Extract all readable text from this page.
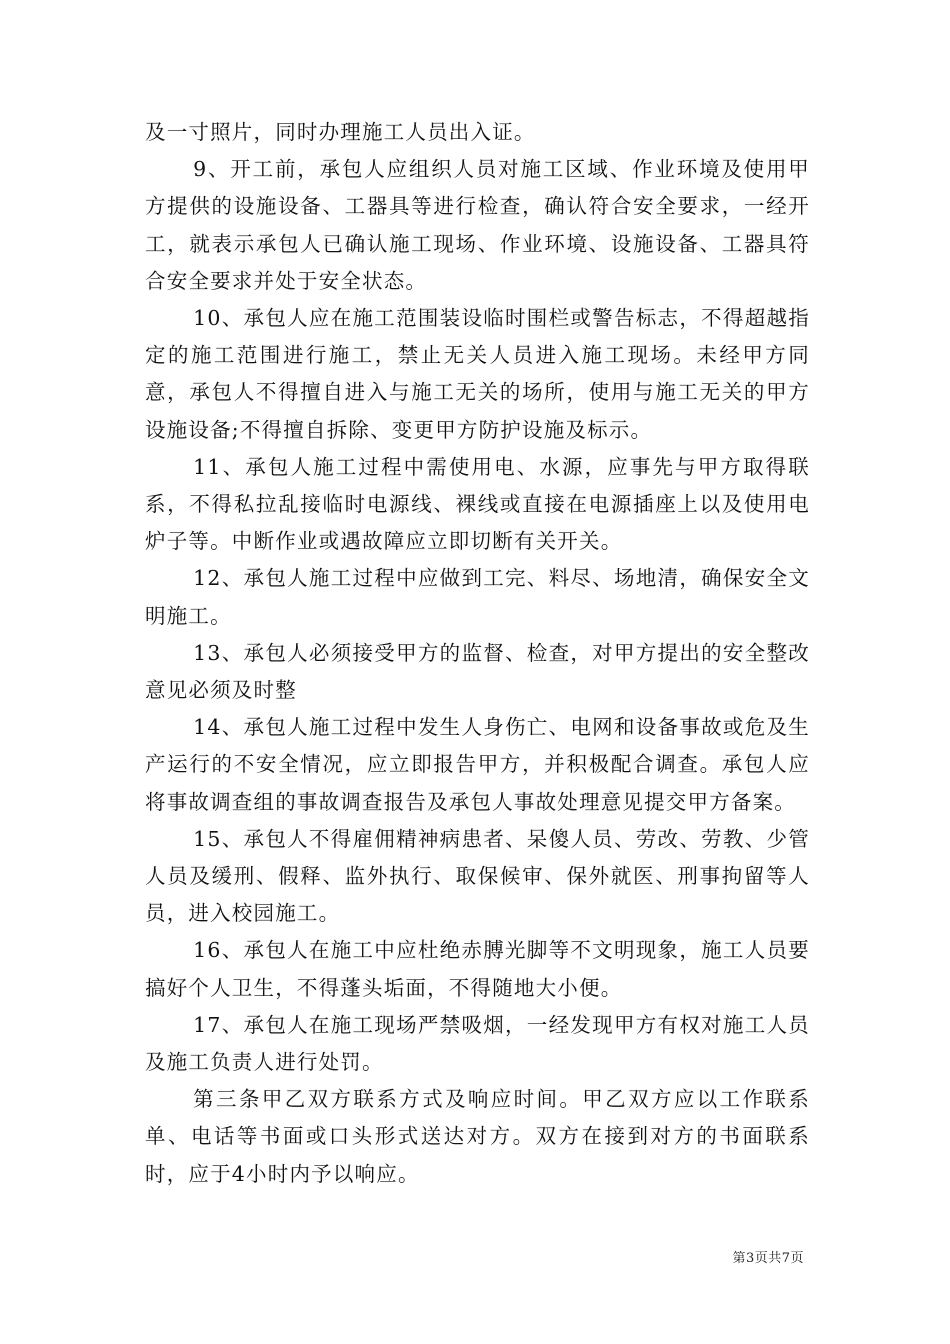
及一寸照片，同时办理施工人员出入证。

9、开工前，承包人应组织人员对施工区域、作业环境及使用甲方提供的设施设备、工器具等进行检查，确认符合安全要求，一经开工，就表示承包人已确认施工现场、作业环境、设施设备、工器具符合安全要求并处于安全状态。

10、承包人应在施工范围装设临时围栏或警告标志，不得超越指定的施工范围进行施工，禁止无关人员进入施工现场。未经甲方同意，承包人不得擅自进入与施工无关的场所，使用与施工无关的甲方设施设备;不得擅自拆除、变更甲方防护设施及标示。

11、承包人施工过程中需使用电、水源，应事先与甲方取得联系，不得私拉乱接临时电源线、裸线或直接在电源插座上以及使用电炉子等。中断作业或遇故障应立即切断有关开关。

12、承包人施工过程中应做到工完、料尽、场地清，确保安全文明施工。

13、承包人必须接受甲方的监督、检查，对甲方提出的安全整改意见必须及时整

14、承包人施工过程中发生人身伤亡、电网和设备事故或危及生产运行的不安全情况，应立即报告甲方，并积极配合调查。承包人应将事故调查组的事故调查报告及承包人事故处理意见提交甲方备案。

15、承包人不得雇佣精神病患者、呆傻人员、劳改、劳教、少管人员及缓刑、假释、监外执行、取保候审、保外就医、刑事拘留等人员，进入校园施工。

16、承包人在施工中应杜绝赤膊光脚等不文明现象，施工人员要搞好个人卫生，不得蓬头垢面，不得随地大小便。

17、承包人在施工现场严禁吸烟，一经发现甲方有权对施工人员及施工负责人进行处罚。

第三条甲乙双方联系方式及响应时间。甲乙双方应以工作联系单、电话等书面或口头形式送达对方。双方在接到对方的书面联系时，应于4小时内予以响应。

第3页共7页
